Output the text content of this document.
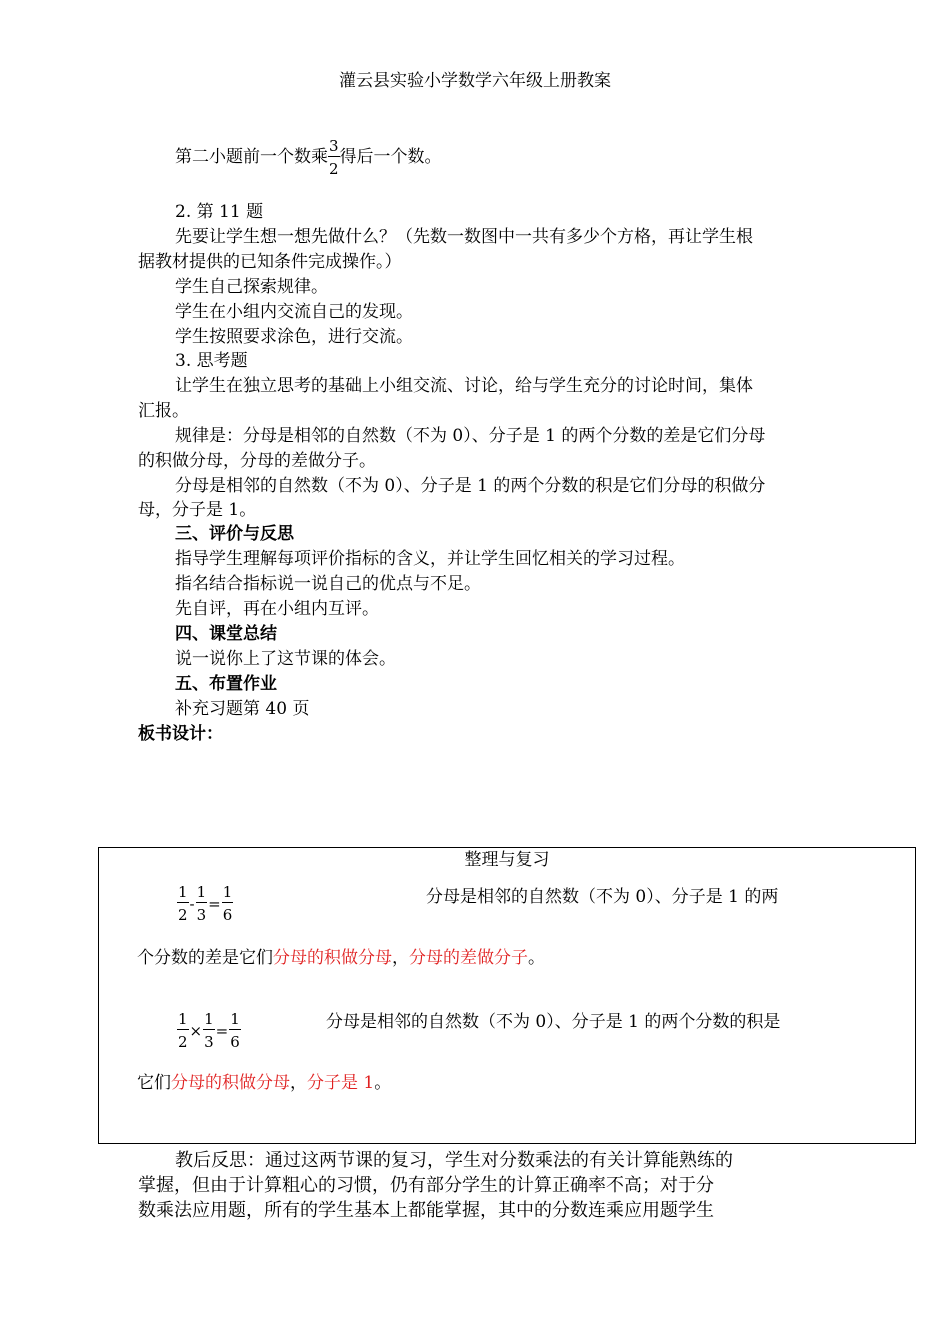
灌云县实验小学数学六年级上册教案
第二小题前一个数乘 $\frac{3}{2}$ 得后一个数。
2. 第 11 题
先要让学生想一想先做什么？（先数一数图中一共有多少个方格，再让学生根
据教材提供的已知条件完成操作。）
学生自己探索规律。
学生在小组内交流自己的发现。
学生按照要求涂色，进行交流。
3. 思考题
让学生在独立思考的基础上小组交流、讨论，给与学生充分的讨论时间，集体
汇报。
规律是：分母是相邻的自然数（不为 0）、分子是 1 的两个分数的差是它们分母
的积做分母，分母的差做分子。
分母是相邻的自然数（不为 0）、分子是 1 的两个分数的积是它们分母的积做分
母，分子是 1。
三、评价与反思
指导学生理解每项评价指标的含义，并让学生回忆相关的学习过程。
指名结合指标说一说自己的优点与不足。
先自评，再在小组内互评。
四、课堂总结
说一说你上了这节课的体会。
五、布置作业
补充习题第 40 页
板书设计：
整理与复习
$\frac{1}{2} - \frac{1}{3} = \frac{1}{6}$	分母是相邻的自然数（不为 0）、分子是 1 的两
个分数的差是它们分母的积做分母，分母的差做分子。
$\frac{1}{2} \times \frac{1}{3} = \frac{1}{6}$	分母是相邻的自然数（不为 0）、分子是 1 的两个分数的积是
它们分母的积做分母，分子是 1。
教后反思：通过这两节课的复习，学生对分数乘法的有关计算能熟练的
掌握，但由于计算粗心的习惯，仍有部分学生的计算正确率不高；对于分
数乘法应用题，所有的学生基本上都能掌握，其中的分数连乘应用题学生
